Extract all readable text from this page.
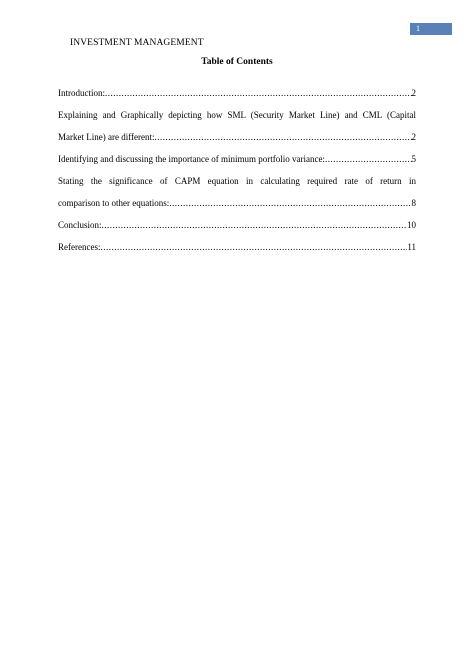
1
INVESTMENT MANAGEMENT
Table of Contents
Introduction: .....	2
Explaining and Graphically depicting how SML (Security Market Line) and CML (Capital
Market Line) are different: .....	2
Identifying and discussing the importance of minimum portfolio variance: .....	5
Stating the significance of CAPM equation in calculating required rate of return in
comparison to other equations: .....	8
Conclusion: .....	10
References: .....	11
